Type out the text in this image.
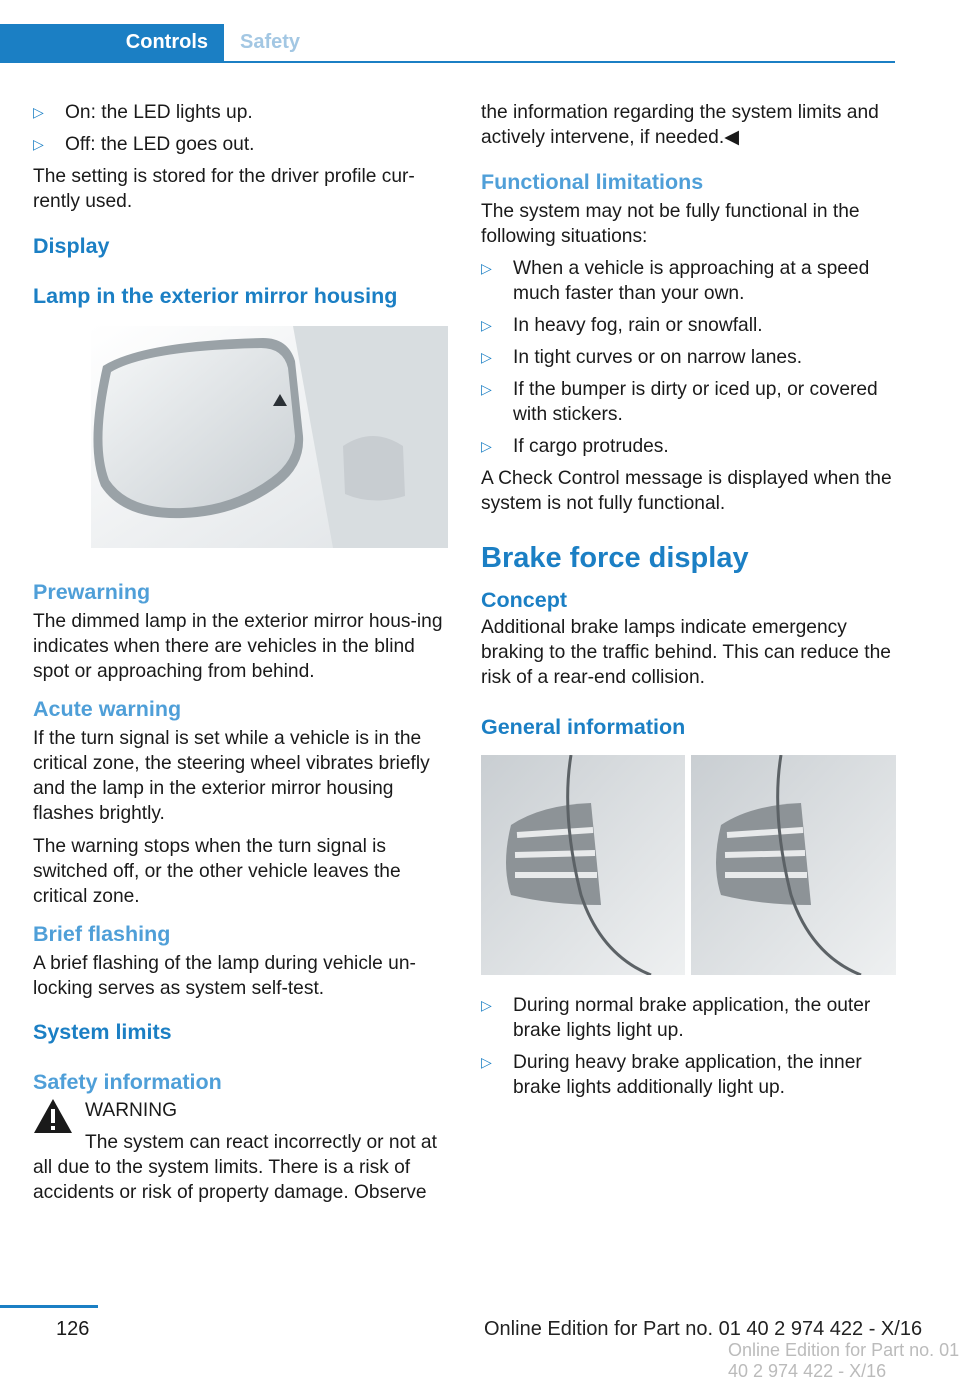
Controls	Safety
▷ On: the LED lights up.
▷ Off: the LED goes out.

The setting is stored for the driver profile cur-rently used.

Display
Lamp in the exterior mirror housing
Prewarning

The dimmed lamp in the exterior mirror hous-ing indicates when there are vehicles in the blind spot or approaching from behind.

Acute warning

If the turn signal is set while a vehicle is in the critical zone, the steering wheel vibrates briefly and the lamp in the exterior mirror housing flashes brightly.

The warning stops when the turn signal is switched off, or the other vehicle leaves the critical zone.

Brief flashing

A brief flashing of the lamp during vehicle un-locking serves as system self-test.

System limits
Safety information

WARNING

The system can react incorrectly or not at all due to the system limits. There is a risk of accidents or risk of property damage. Observe

the information regarding the system limits and actively intervene, if needed.◀

Functional limitations

The system may not be fully functional in the following situations:

▷ When a vehicle is approaching at a speed much faster than your own.
▷ In heavy fog, rain or snowfall.
▷ In tight curves or on narrow lanes.
▷ If the bumper is dirty or iced up, or covered with stickers.
▷ If cargo protrudes.

A Check Control message is displayed when the system is not fully functional.

Brake force display
Concept

Additional brake lamps indicate emergency braking to the traffic behind. This can reduce the risk of a rear-end collision.

General information
▷ During normal brake application, the outer brake lights light up.
▷ During heavy brake application, the inner brake lights additionally light up.
126	Online Edition for Part no. 01 40 2 974 422 - X/16
Online Edition for Part no. 01 40 2 974 422 - X/16
